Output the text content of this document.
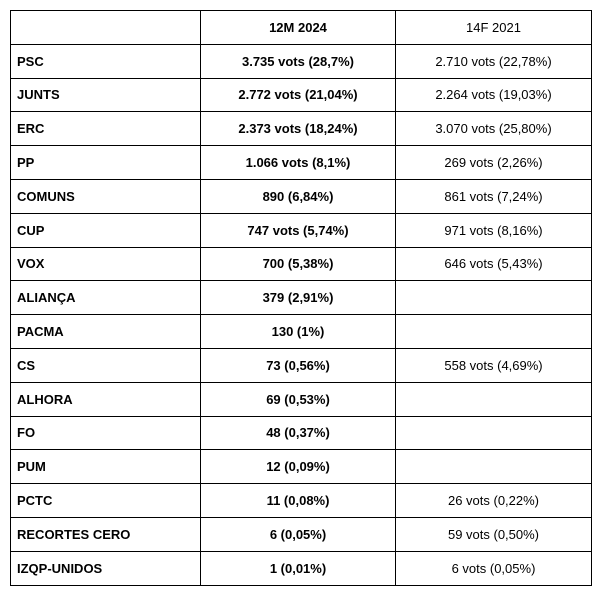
	12M 2024	14F 2021
PSC	3.735 vots (28,7%)	2.710 vots (22,78%)
JUNTS	2.772 vots (21,04%)	2.264 vots (19,03%)
ERC	2.373 vots (18,24%)	3.070 vots (25,80%)
PP	1.066 vots (8,1%)	269 vots (2,26%)
COMUNS	890 (6,84%)	861 vots (7,24%)
CUP	747 vots (5,74%)	971 vots (8,16%)
VOX	700 (5,38%)	646 vots (5,43%)
ALIANÇA	379 (2,91%)	
PACMA	130 (1%)	
CS	73 (0,56%)	558 vots (4,69%)
ALHORA	69 (0,53%)	
FO	48 (0,37%)	
PUM	12 (0,09%)	
PCTC	11 (0,08%)	26 vots (0,22%)
RECORTES CERO	6 (0,05%)	59 vots (0,50%)
IZQP-UNIDOS	1 (0,01%)	6 vots (0,05%)
